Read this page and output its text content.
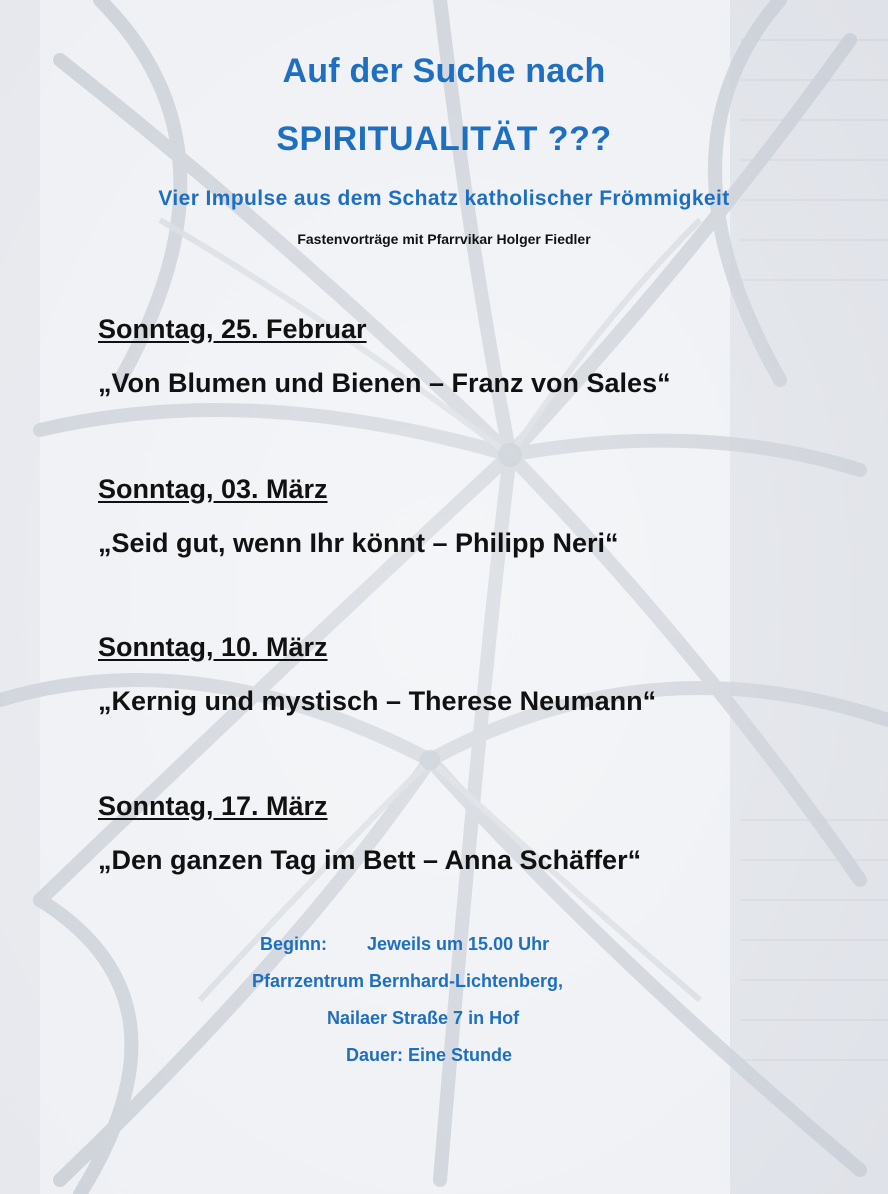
Auf der Suche nach
SPIRITUALITÄT ???
Vier Impulse aus dem Schatz katholischer Frömmigkeit
Fastenvorträge mit Pfarrvikar Holger Fiedler
Sonntag, 25. Februar
„Von Blumen und Bienen – Franz von Sales“
Sonntag, 03. März
„Seid gut, wenn Ihr könnt – Philipp Neri“
Sonntag, 10. März
„Kernig und mystisch – Therese Neumann“
Sonntag, 17. März
„Den ganzen Tag im Bett – Anna Schäffer“
Beginn: Jeweils um 15.00 Uhr
Pfarrzentrum Bernhard-Lichtenberg,
Nailaer Straße 7 in Hof
Dauer: Eine Stunde
